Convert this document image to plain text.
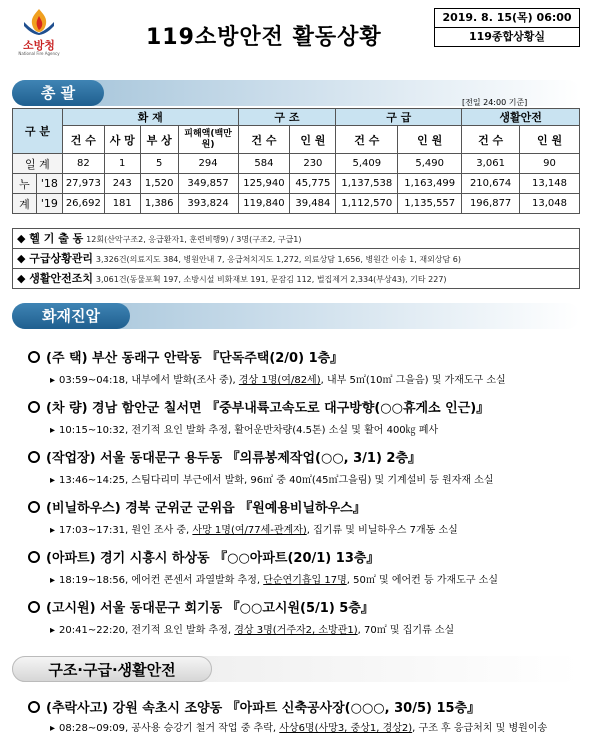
소방청
National Fire Agency
119소방안전 활동상황
2019. 8. 15(목) 06:00
119종합상황실
총 괄
[전일 24:00 기준]
구 분		화 재				구 조		구 급		생활안전	
		건 수	사 망	부 상	피해액(백만원)	건 수	인 원	건 수	인 원	건 수	인 원
일 계		82	1	5	294	584	230	5,409	5,490	3,061	90
누	'18	27,973	243	1,520	349,857	125,940	45,775	1,137,538	1,163,499	210,674	13,148
계	'19	26,692	181	1,386	393,824	119,840	39,484	1,112,570	1,135,557	196,877	13,048
◆ 헬 기 출 동 12회(산악구조2, 응급환자1, 훈련비행9) / 3명(구조2, 구급1)
◆ 구급상황관리 3,326건(의료지도 384, 병원안내 7, 응급처치지도 1,272, 의료상담 1,656, 병원간 이송 1, 재외상담 6)
◆ 생활안전조치 3,061건(동물포획 197, 소방시설 비화재보 191, 문잠김 112, 벌집제거 2,334(부상43), 기타 227)
화재진압
(주 택) 부산 동래구 안락동 『단독주택(2/0) 1층』
▸ 03:59~04:18, 내부에서 발화(조사 중), 경상 1명(여/82세), 내부 5㎡(10㎡ 그을음) 및 가재도구 소실
(차 량) 경남 함안군 칠서면 『중부내륙고속도로 대구방향(○○휴게소 인근)』
▸ 10:15~10:32, 전기적 요인 발화 추정, 활어운반차량(4.5톤) 소실 및 활어 400㎏ 폐사
(작업장) 서울 동대문구 용두동 『의류봉제작업(○○, 3/1) 2층』
▸ 13:46~14:25, 스팀다리미 부근에서 발화, 96㎡ 중 40㎡(45㎡그을림) 및 기계설비 등 원자재 소실
(비닐하우스) 경북 군위군 군위읍 『원예용비닐하우스』
▸ 17:03~17:31, 원인 조사 중, 사망 1명(여/77세-관계자), 집기류 및 비닐하우스 7개동 소실
(아파트) 경기 시흥시 하상동 『○○아파트(20/1) 13층』
▸ 18:19~18:56, 에어컨 콘센서 과열발화 추정, 단순연기흡입 17명, 50㎡ 및 에어컨 등 가재도구 소실
(고시원) 서울 동대문구 회기동 『○○고시원(5/1) 5층』
▸ 20:41~22:20, 전기적 요인 발화 추정, 경상 3명(거주자2, 소방관1), 70㎡ 및 집기류 소실
구조·구급·생활안전
(추락사고) 강원 속초시 조양동 『아파트 신축공사장(○○○, 30/5) 15층』
▸ 08:28~09:09, 공사용 승강기 철거 작업 중 추락, 사상6명(사망3, 중상1, 경상2), 구조 후 응급처치 및 병원이송
